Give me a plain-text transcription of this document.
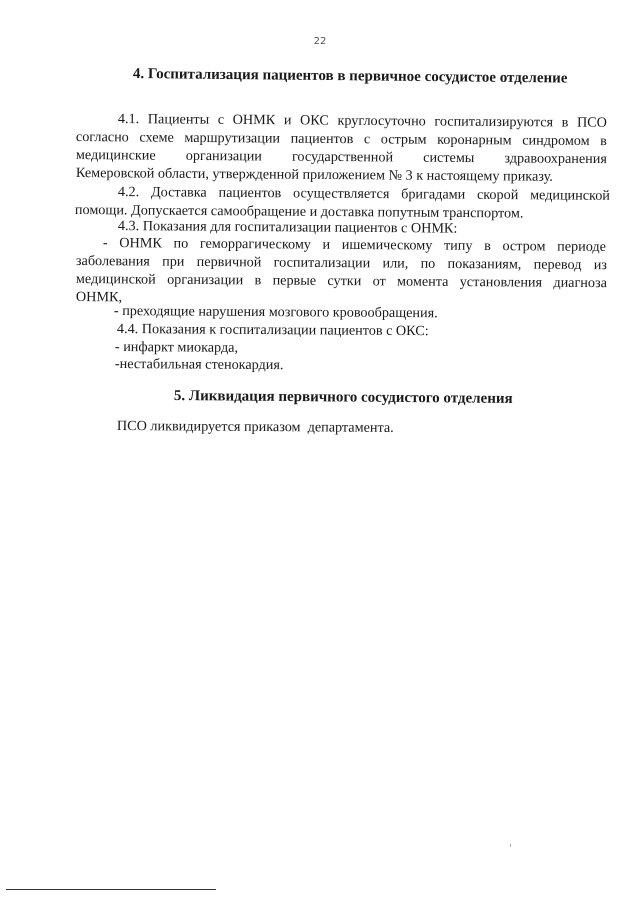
22
4. Госпитализация пациентов в первичное сосудистое отделение
4.1. Пациенты с ОНМК и ОКС круглосуточно госпитализируются в ПСО
согласно схеме маршрутизации пациентов с острым коронарным синдромом в
медицинские организации государственной системы здравоохранения
Кемеровской области, утвержденной приложением № 3 к настоящему приказу.
4.2. Доставка пациентов осуществляется бригадами скорой медицинской
помощи. Допускается самообращение и доставка попутным транспортом.
4.3. Показания для госпитализации пациентов с ОНМК:
- ОНМК по геморрагическому и ишемическому типу в остром периоде
заболевания при первичной госпитализации или, по показаниям, перевод из
медицинской организации в первые сутки от момента установления диагноза
ОНМК,
- преходящие нарушения мозгового кровообращения.
4.4. Показания к госпитализации пациентов с ОКС:
- инфаркт миокарда,
-нестабильная стенокардия.
5. Ликвидация первичного сосудистого отделения
ПСО ликвидируется приказом  департамента.
